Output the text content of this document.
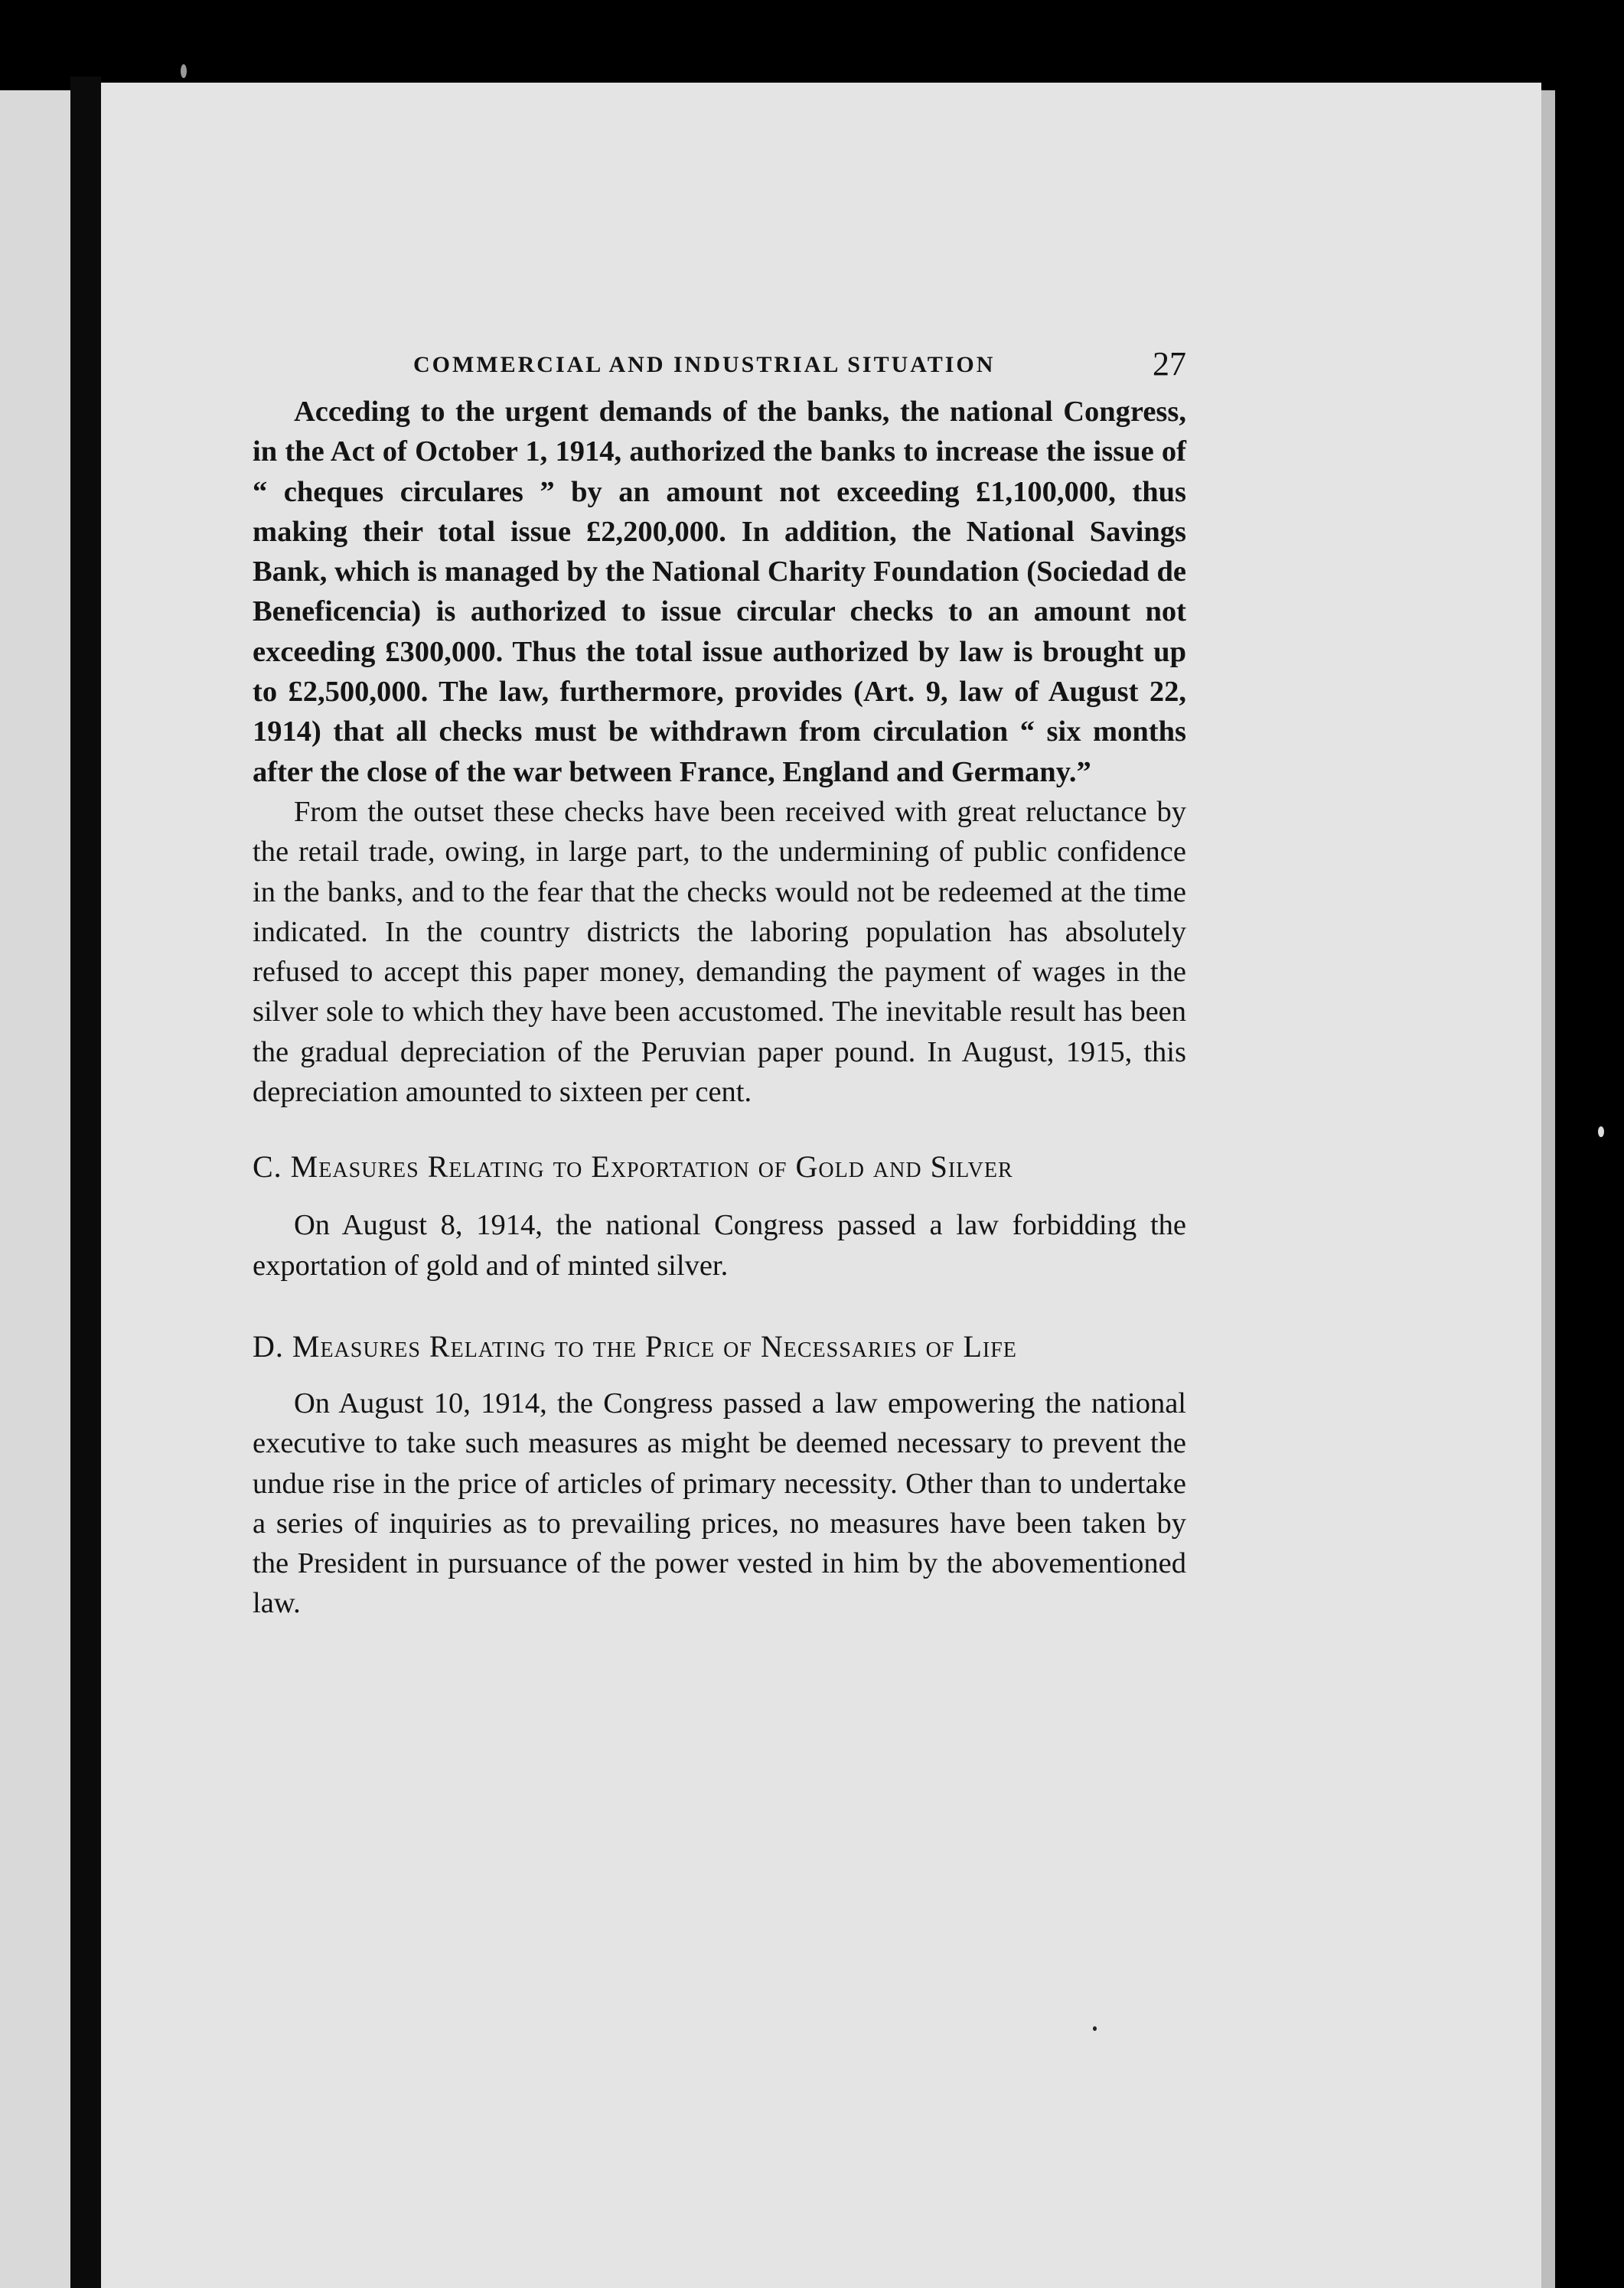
COMMERCIAL AND INDUSTRIAL SITUATION	27

Acceding to the urgent demands of the banks, the national Congress, in the Act of October 1, 1914, authorized the banks to increase the issue of “ cheques circulares ” by an amount not exceeding £1,100,000, thus making their total issue £2,200,000. In addition, the National Savings Bank, which is managed by the National Charity Foundation (Sociedad de Beneficencia) is authorized to issue circular checks to an amount not exceeding £300,000. Thus the total issue authorized by law is brought up to £2,500,000. The law, furthermore, provides (Art. 9, law of August 22, 1914) that all checks must be withdrawn from circulation “ six months after the close of the war between France, England and Germany.”

From the outset these checks have been received with great reluctance by the retail trade, owing, in large part, to the undermining of public confidence in the banks, and to the fear that the checks would not be redeemed at the time indicated. In the country districts the laboring population has absolutely refused to accept this paper money, demanding the payment of wages in the silver sole to which they have been accustomed. The inevitable result has been the gradual depreciation of the Peruvian paper pound. In August, 1915, this depreciation amounted to sixteen per cent.

C. Measures Relating to Exportation of Gold and Silver

On August 8, 1914, the national Congress passed a law forbidding the exportation of gold and of minted silver.

D. Measures Relating to the Price of Necessaries of Life

On August 10, 1914, the Congress passed a law empowering the national executive to take such measures as might be deemed necessary to prevent the undue rise in the price of articles of primary necessity. Other than to undertake a series of inquiries as to prevailing prices, no measures have been taken by the President in pursuance of the power vested in him by the abovementioned law.
